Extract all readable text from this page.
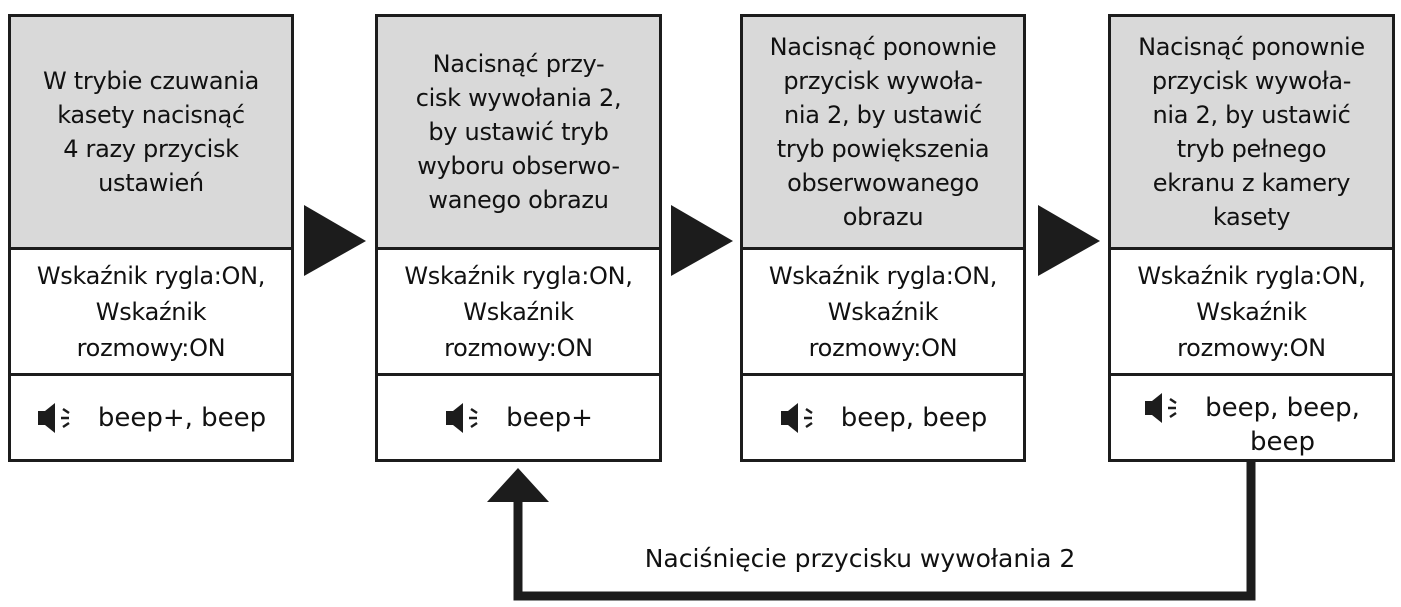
W trybie czuwania
kasety nacisnąć
4 razy przycisk
ustawień
Wskaźnik rygla:ON,
Wskaźnik
rozmowy:ON
beep+, beep
Nacisnąć przy-
cisk wywołania 2,
by ustawić tryb
wyboru obserwo-
wanego obrazu
Wskaźnik rygla:ON,
Wskaźnik
rozmowy:ON
beep+
Nacisnąć ponownie
przycisk wywoła-
nia 2, by ustawić
tryb powiększenia
obserwowanego
obrazu
Wskaźnik rygla:ON,
Wskaźnik
rozmowy:ON
beep, beep
Nacisnąć ponownie
przycisk wywoła-
nia 2, by ustawić
tryb pełnego
ekranu z kamery
kasety
Wskaźnik rygla:ON,
Wskaźnik
rozmowy:ON
beep, beep,
beep
Naciśnięcie przycisku wywołania 2
